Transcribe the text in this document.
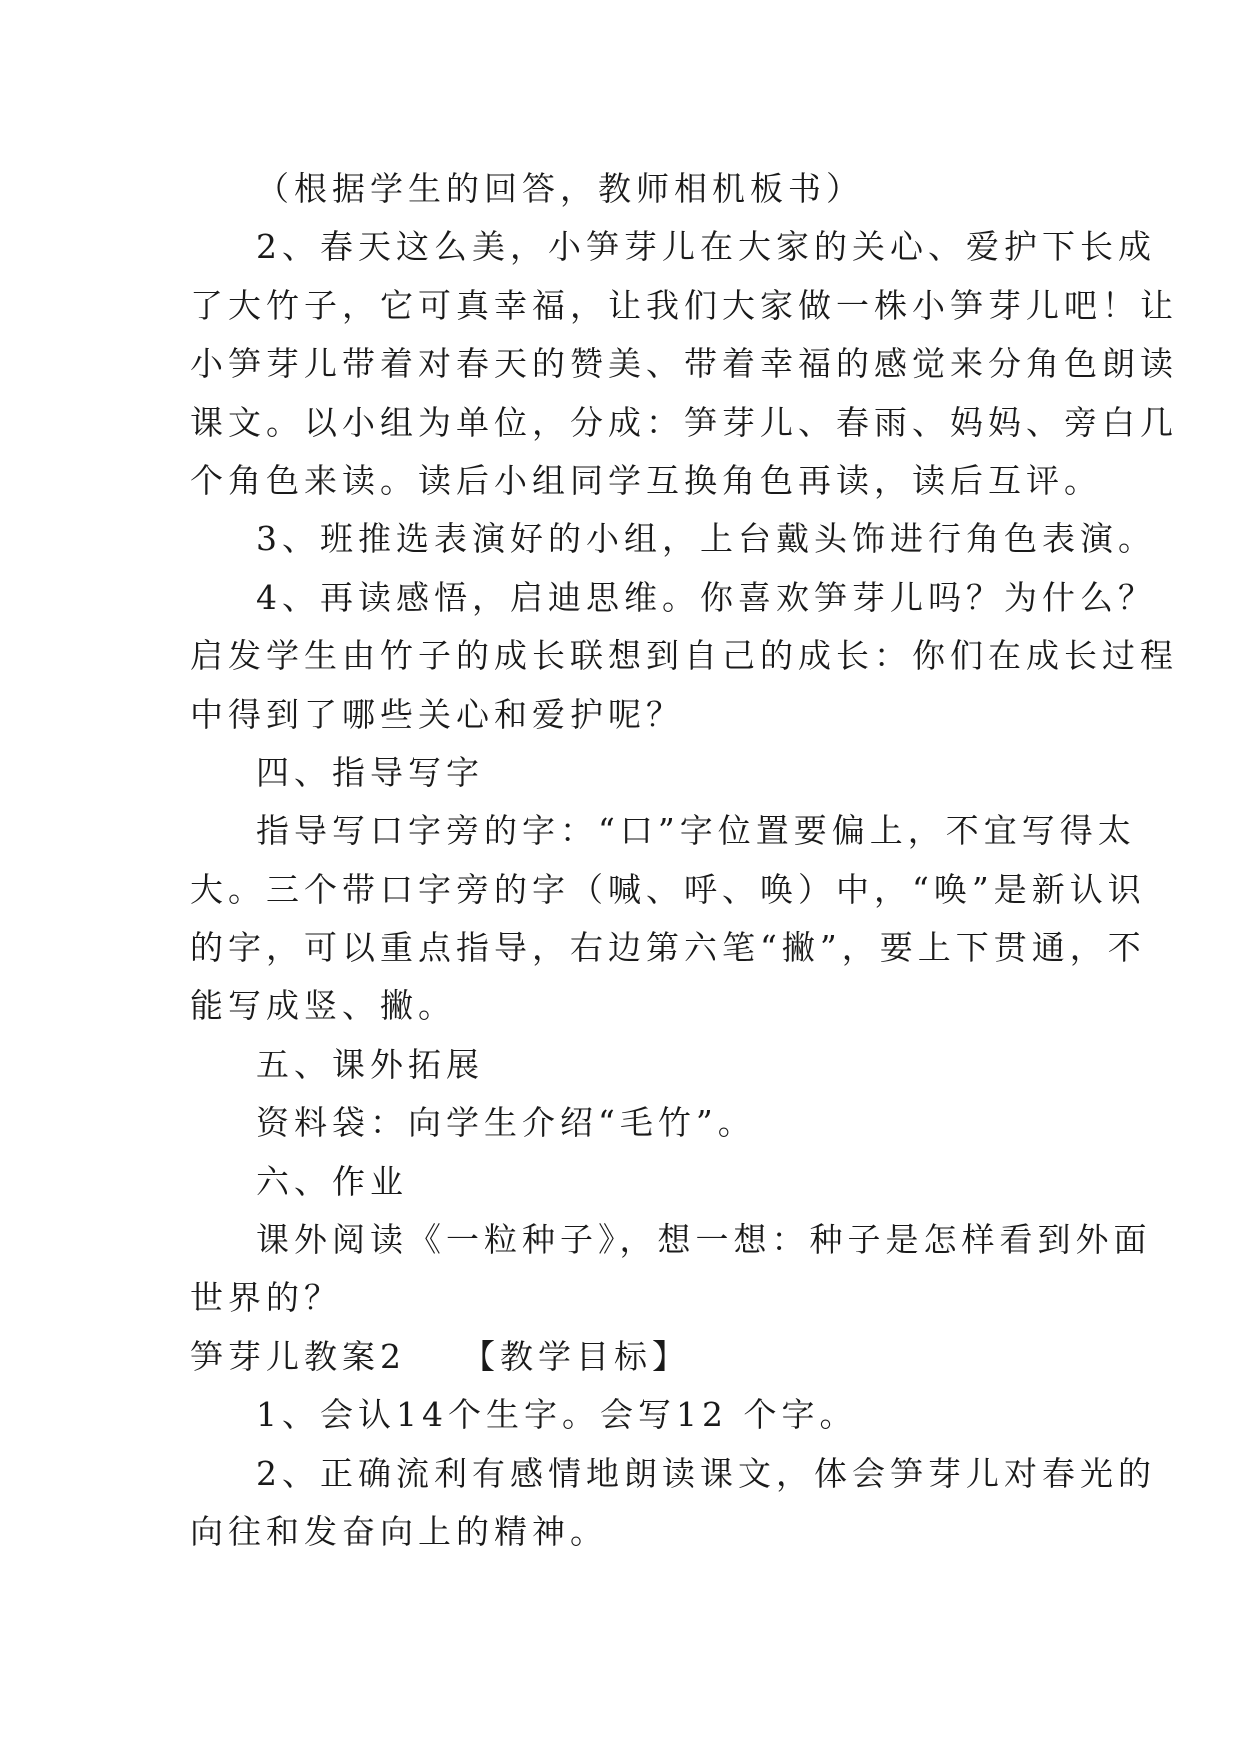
（根据学生的回答，教师相机板书）

2、春天这么美，小笋芽儿在大家的关心、爱护下长成

了大竹子，它可真幸福，让我们大家做一株小笋芽儿吧！让

小笋芽儿带着对春天的赞美、带着幸福的感觉来分角色朗读

课文。以小组为单位，分成：笋芽儿、春雨、妈妈、旁白几

个角色来读。读后小组同学互换角色再读，读后互评。

3、班推选表演好的小组，上台戴头饰进行角色表演。

4、再读感悟，启迪思维。你喜欢笋芽儿吗？为什么？

启发学生由竹子的成长联想到自己的成长：你们在成长过程

中得到了哪些关心和爱护呢？

四、指导写字

指导写口字旁的字：“口”字位置要偏上，不宜写得太

大。三个带口字旁的字（喊、呼、唤）中，“唤”是新认识

的字，可以重点指导，右边第六笔“撇”，要上下贯通，不

能写成竖、撇。

五、课外拓展

资料袋：向学生介绍“毛竹”。

六、作业

课外阅读《一粒种子》，想一想：种子是怎样看到外面

世界的？

笋芽儿教案2 【教学目标】

1、会认14个生字。会写12 个字。

2、正确流利有感情地朗读课文，体会笋芽儿对春光的

向往和发奋向上的精神。
